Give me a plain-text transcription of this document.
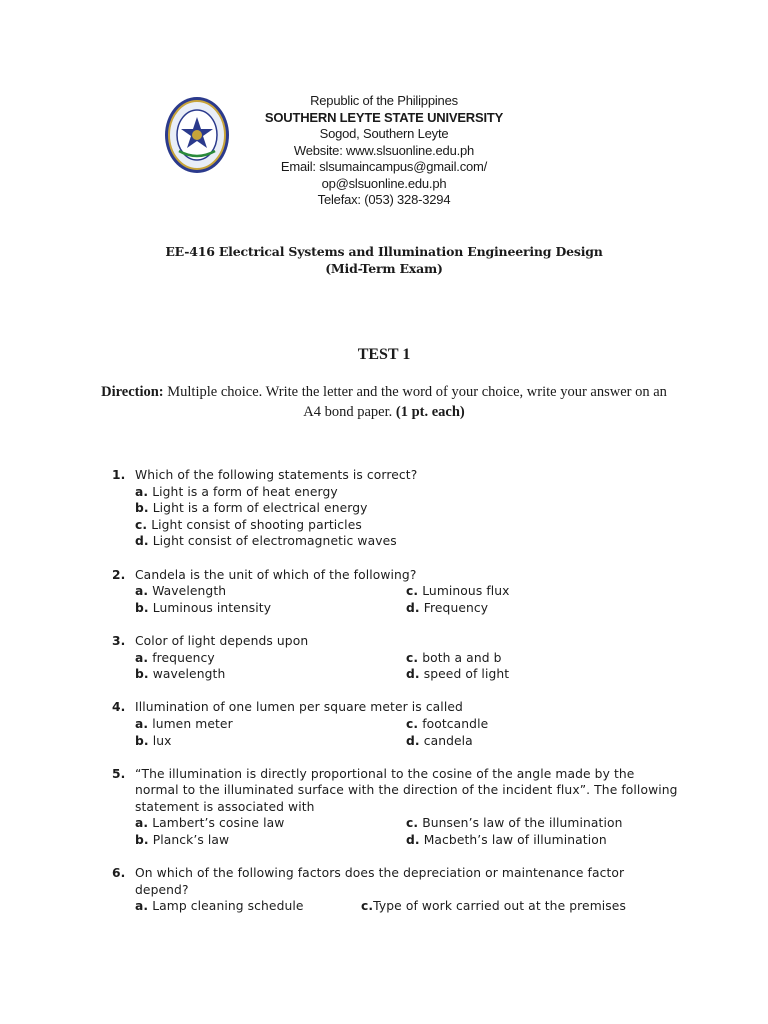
Republic of the Philippines
SOUTHERN LEYTE STATE UNIVERSITY
Sogod, Southern Leyte
Website: www.slsuonline.edu.ph
Email: slsumaincampus@gmail.com/
op@slsuonline.edu.ph
Telefax: (053) 328-3294
EE-416 Electrical Systems and Illumination Engineering Design
(Mid-Term Exam)
TEST 1
Direction: Multiple choice. Write the letter and the word of your choice, write your answer on an A4 bond paper. (1 pt. each)
1. Which of the following statements is correct?
a. Light is a form of heat energy
b. Light is a form of electrical energy
c. Light consist of shooting particles
d. Light consist of electromagnetic waves
2. Candela is the unit of which of the following?
a. Wavelength	c. Luminous flux
b. Luminous intensity	d. Frequency
3. Color of light depends upon
a. frequency	c. both a and b
b. wavelength	d. speed of light
4. Illumination of one lumen per square meter is called
a. lumen meter	c. footcandle
b. lux	d. candela
5. “The illumination is directly proportional to the cosine of the angle made by the normal to the illuminated surface with the direction of the incident flux”. The following statement is associated with
a. Lambert’s cosine law	c. Bunsen’s law of the illumination
b. Planck’s law	d. Macbeth’s law of illumination
6. On which of the following factors does the depreciation or maintenance factor depend?
a. Lamp cleaning schedule	c.Type of work carried out at the premises
